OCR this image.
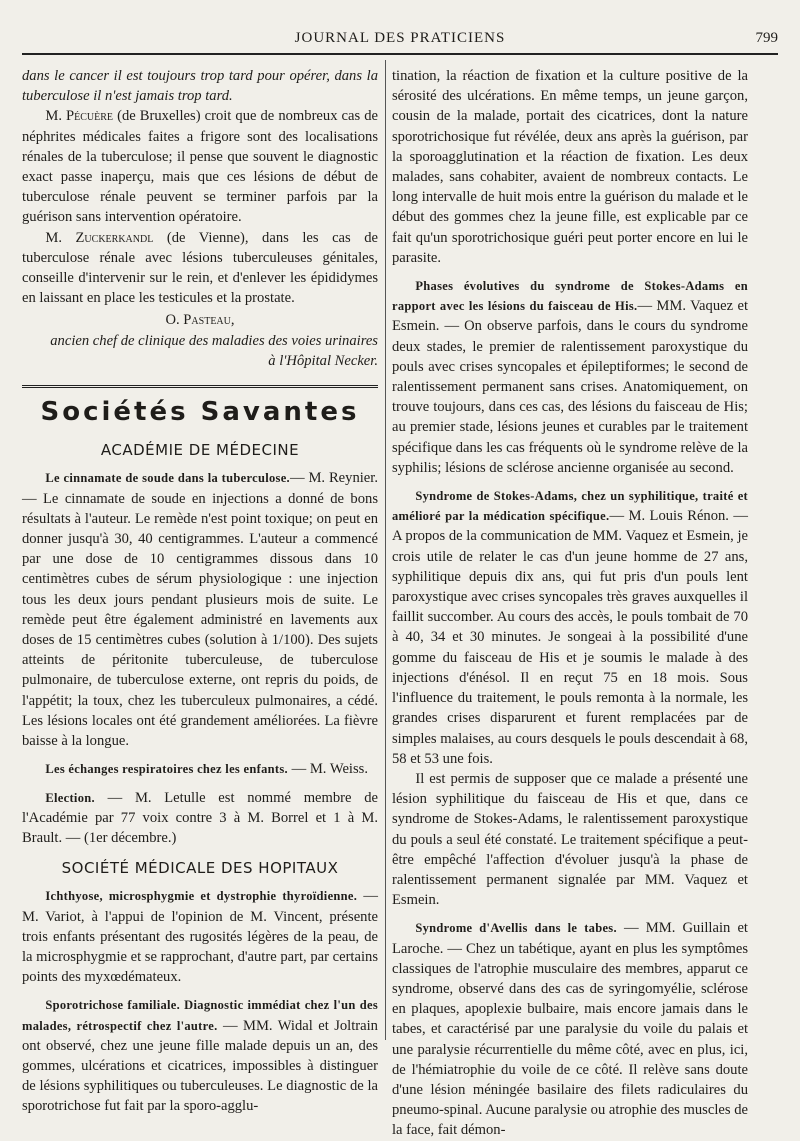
JOURNAL DES PRATICIENS	799

dans le cancer il est toujours trop tard pour opérer, dans la tuberculose il n'est jamais trop tard.

M. Pécuère (de Bruxelles) croit que de nombreux cas de néphrites médicales faites a frigore sont des localisations rénales de la tuberculose; il pense que souvent le diagnostic exact passe inaperçu, mais que ces lésions de début de tuberculose rénale peuvent se terminer parfois par la guérison sans intervention opératoire.

M. Zuckerkandl (de Vienne), dans les cas de tuberculose rénale avec lésions tuberculeuses génitales, conseille d'intervenir sur le rein, et d'enlever les épididymes en laissant en place les testicules et la prostate.

O. Pasteau,

ancien chef de clinique des maladies des voies urinaires

à l'Hôpital Necker.

Sociétés Savantes

ACADÉMIE DE MÉDECINE

Le cinnamate de soude dans la tuberculose.— M. Reynier. — Le cinnamate de soude en injections a donné de bons résultats à l'auteur. Le remède n'est point toxique; on peut en donner jusqu'à 30, 40 centigrammes. L'auteur a commencé par une dose de 10 centigrammes dissous dans 10 centimètres cubes de sérum physiologique : une injection tous les deux jours pendant plusieurs mois de suite. Le remède peut être également administré en lavements aux doses de 15 centimètres cubes (solution à 1/100). Des sujets atteints de péritonite tuberculeuse, de tuberculose pulmonaire, de tuberculose externe, ont repris du poids, de l'appétit; la toux, chez les tuberculeux pulmonaires, a cédé. Les lésions locales ont été grandement améliorées. La fièvre baisse à la longue.

Les échanges respiratoires chez les enfants. — M. Weiss.

Election. — M. Letulle est nommé membre de l'Académie par 77 voix contre 3 à M. Borrel et 1 à M. Brault. — (1er décembre.)

SOCIÉTÉ MÉDICALE DES HOPITAUX

Ichthyose, microsphygmie et dystrophie thyroïdienne. — M. Variot, à l'appui de l'opinion de M. Vincent, présente trois enfants présentant des rugosités légères de la peau, de la microsphygmie et se rapprochant, d'autre part, par certains points des myxœdémateux.

Sporotrichose familiale. Diagnostic immédiat chez l'un des malades, rétrospectif chez l'autre. — MM. Widal et Joltrain ont observé, chez une jeune fille malade depuis un an, des gommes, ulcérations et cicatrices, impossibles à distinguer de lésions syphilitiques ou tuberculeuses. Le diagnostic de la sporotrichose fut fait par la sporo-agglu-

tination, la réaction de fixation et la culture positive de la sérosité des ulcérations. En même temps, un jeune garçon, cousin de la malade, portait des cicatrices, dont la nature sporotrichosique fut révélée, deux ans après la guérison, par la sporoagglutination et la réaction de fixation. Les deux malades, sans cohabiter, avaient de nombreux contacts. Le long intervalle de huit mois entre la guérison du malade et le début des gommes chez la jeune fille, est explicable par ce fait qu'un sporotrichosique guéri peut porter encore en lui le parasite.

Phases évolutives du syndrome de Stokes-Adams en rapport avec les lésions du faisceau de His.— MM. Vaquez et Esmein. — On observe parfois, dans le cours du syndrome deux stades, le premier de ralentissement paroxystique du pouls avec crises syncopales et épileptiformes; le second de ralentissement permanent sans crises. Anatomiquement, on trouve toujours, dans ces cas, des lésions du faisceau de His; au premier stade, lésions jeunes et curables par le traitement spécifique dans les cas fréquents où le syndrome relève de la syphilis; lésions de sclérose ancienne organisée au second.

Syndrome de Stokes-Adams, chez un syphilitique, traité et amélioré par la médication spécifique.— M. Louis Rénon. —A propos de la communication de MM. Vaquez et Esmein, je crois utile de relater le cas d'un jeune homme de 27 ans, syphilitique depuis dix ans, qui fut pris d'un pouls lent paroxystique avec crises syncopales très graves auxquelles il faillit succomber. Au cours des accès, le pouls tombait de 70 à 40, 34 et 30 minutes. Je songeai à la possibilité d'une gomme du faisceau de His et je soumis le malade à des injections d'énésol. Il en reçut 75 en 18 mois. Sous l'influence du traitement, le pouls remonta à la normale, les grandes crises disparurent et furent remplacées par de simples malaises, au cours desquels le pouls descendait à 68, 58 et 53 une fois.

Il est permis de supposer que ce malade a présenté une lésion syphilitique du faisceau de His et que, dans ce syndrome de Stokes-Adams, le ralentissement paroxystique du pouls a seul été constaté. Le traitement spécifique a peut-être empêché l'affection d'évoluer jusqu'à la phase de ralentissement permanent signalée par MM. Vaquez et Esmein.

Syndrome d'Avellis dans le tabes. — MM. Guillain et Laroche. — Chez un tabétique, ayant en plus les symptômes classiques de l'atrophie musculaire des membres, apparut ce syndrome, observé dans des cas de syringomyélie, sclérose en plaques, apoplexie bulbaire, mais encore jamais dans le tabes, et caractérisé par une paralysie du voile du palais et une paralysie récurrentielle du même côté, avec en plus, ici, de l'hémiatrophie du voile de ce côté. Il relève sans doute d'une lésion méningée basilaire des filets radiculaires du pneumo-spinal. Aucune paralysie ou atrophie des muscles de la face, fait démon-
